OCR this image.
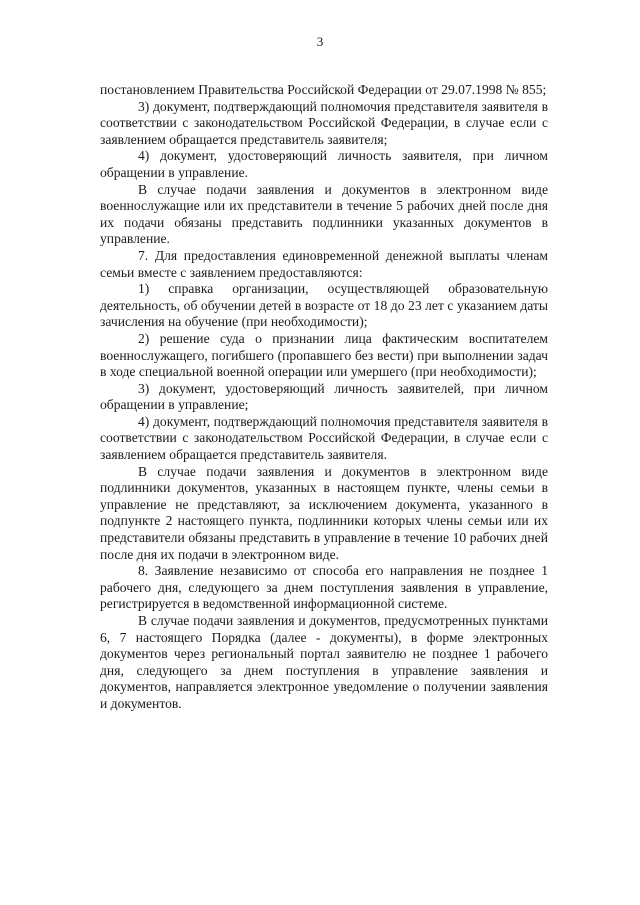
3

постановлением Правительства Российской Федерации от 29.07.1998 № 855;

3) документ, подтверждающий полномочия представителя заявителя в соответствии с законодательством Российской Федерации, в случае если с заявлением обращается представитель заявителя;

4) документ, удостоверяющий личность заявителя, при личном обращении в управление.

В случае подачи заявления и документов в электронном виде военнослужащие или их представители в течение 5 рабочих дней после дня их подачи обязаны представить подлинники указанных документов в управление.

7. Для предоставления единовременной денежной выплаты членам семьи вместе с заявлением предоставляются:

1) справка организации, осуществляющей образовательную деятельность, об обучении детей в возрасте от 18 до 23 лет с указанием даты зачисления на обучение (при необходимости);

2) решение суда о признании лица фактическим воспитателем военнослужащего, погибшего (пропавшего без вести) при выполнении задач в ходе специальной военной операции или умершего (при необходимости);

3) документ, удостоверяющий личность заявителей, при личном обращении в управление;

4) документ, подтверждающий полномочия представителя заявителя в соответствии с законодательством Российской Федерации, в случае если с заявлением обращается представитель заявителя.

В случае подачи заявления и документов в электронном виде подлинники документов, указанных в настоящем пункте, члены семьи в управление не представляют, за исключением документа, указанного в подпункте 2 настоящего пункта, подлинники которых члены семьи или их представители обязаны представить в управление в течение 10 рабочих дней после дня их подачи в электронном виде.

8. Заявление независимо от способа его направления не позднее 1 рабочего дня, следующего за днем поступления заявления в управление, регистрируется в ведомственной информационной системе.

В случае подачи заявления и документов, предусмотренных пунктами 6, 7 настоящего Порядка (далее - документы), в форме электронных документов через региональный портал заявителю не позднее 1 рабочего дня, следующего за днем поступления в управление заявления и документов, направляется электронное уведомление о получении заявления и документов.
